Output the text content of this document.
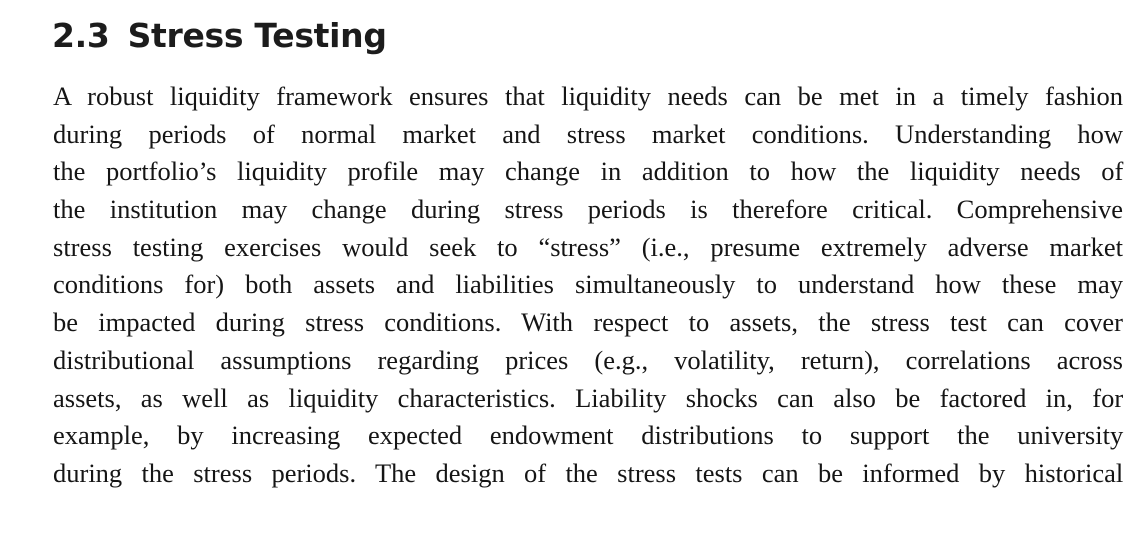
2.3 Stress Testing
A robust liquidity framework ensures that liquidity needs can be met in a timely fashion
during periods of normal market and stress market conditions. Understanding how
the portfolio’s liquidity profile may change in addition to how the liquidity needs of
the institution may change during stress periods is therefore critical. Comprehensive
stress testing exercises would seek to “stress” (i.e., presume extremely adverse market
conditions for) both assets and liabilities simultaneously to understand how these may
be impacted during stress conditions. With respect to assets, the stress test can cover
distributional assumptions regarding prices (e.g., volatility, return), correlations across
assets, as well as liquidity characteristics. Liability shocks can also be factored in, for
example, by increasing expected endowment distributions to support the university
during the stress periods. The design of the stress tests can be informed by historical
